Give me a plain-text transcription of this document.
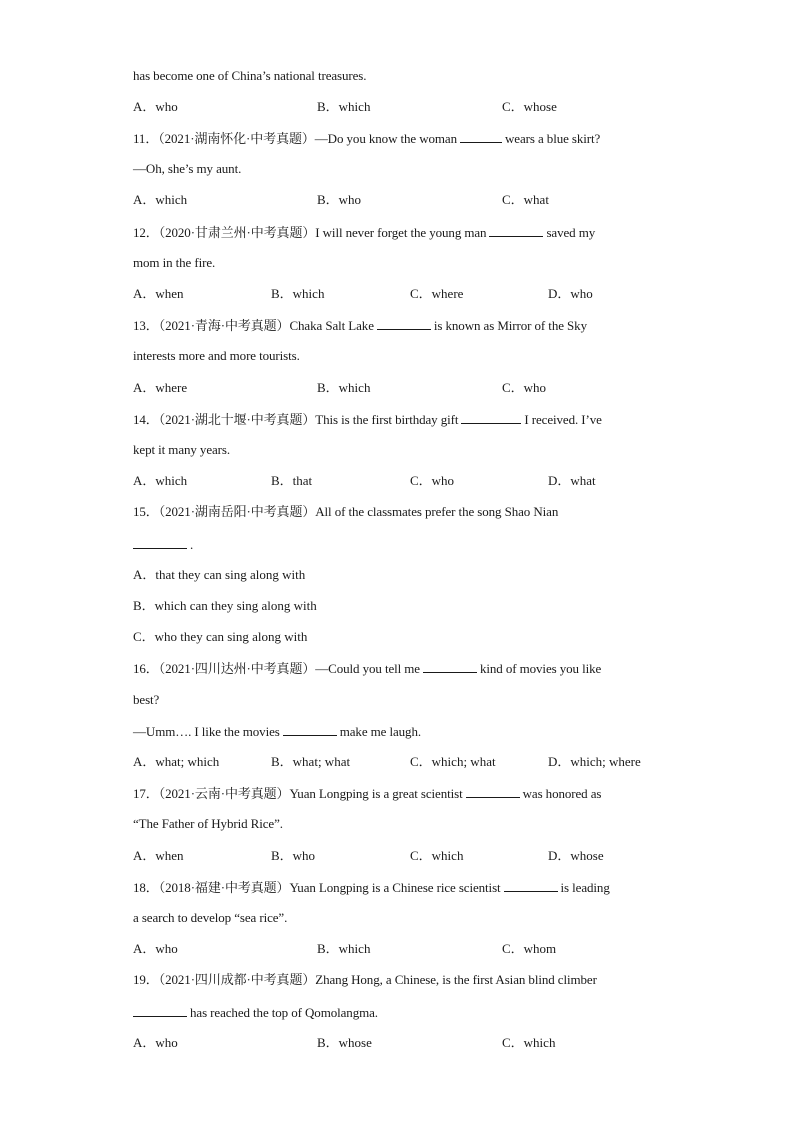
has become one of China’s national treasures.
A．who	B．which	C．whose
11．（2021·湖南怀化·中考真题）—Do you know the woman	wears a blue skirt?
—Oh, she’s my aunt.
A．which	B．who	C．what
12．（2020·甘肃兰州·中考真题）I will never forget the young man	saved my
mom in the fire.
A．when	B．which	C．where	D．who
13．（2021·青海·中考真题）Chaka Salt Lake	is known as Mirror of the Sky
interests more and more tourists.
A．where	B．which	C．who
14．（2021·湖北十堰·中考真题）This is the first birthday gift	I received. I’ve
kept it many years.
A．which	B．that	C．who	D．what
15．（2021·湖南岳阳·中考真题）All of the classmates prefer the song Shao Nian
.
A．that they can sing along with
B．which can they sing along with
C．who they can sing along with
16．（2021·四川达州·中考真题）—Could you tell me	kind of movies you like
best?
—Umm…. I like the movies	make me laugh.
A．what; which	B．what; what	C．which; what	D．which; where
17．（2021·云南·中考真题）Yuan Longping is a great scientist	was honored as
“The Father of Hybrid Rice”.
A．when	B．who	C．which	D．whose
18．（2018·福建·中考真题）Yuan Longping is a Chinese rice scientist	is leading
a search to develop “sea rice”.
A．who	B．which	C．whom
19．（2021·四川成都·中考真题）Zhang Hong, a Chinese, is the first Asian blind climber
has reached the top of Qomolangma.
A．who	B．whose	C．which
